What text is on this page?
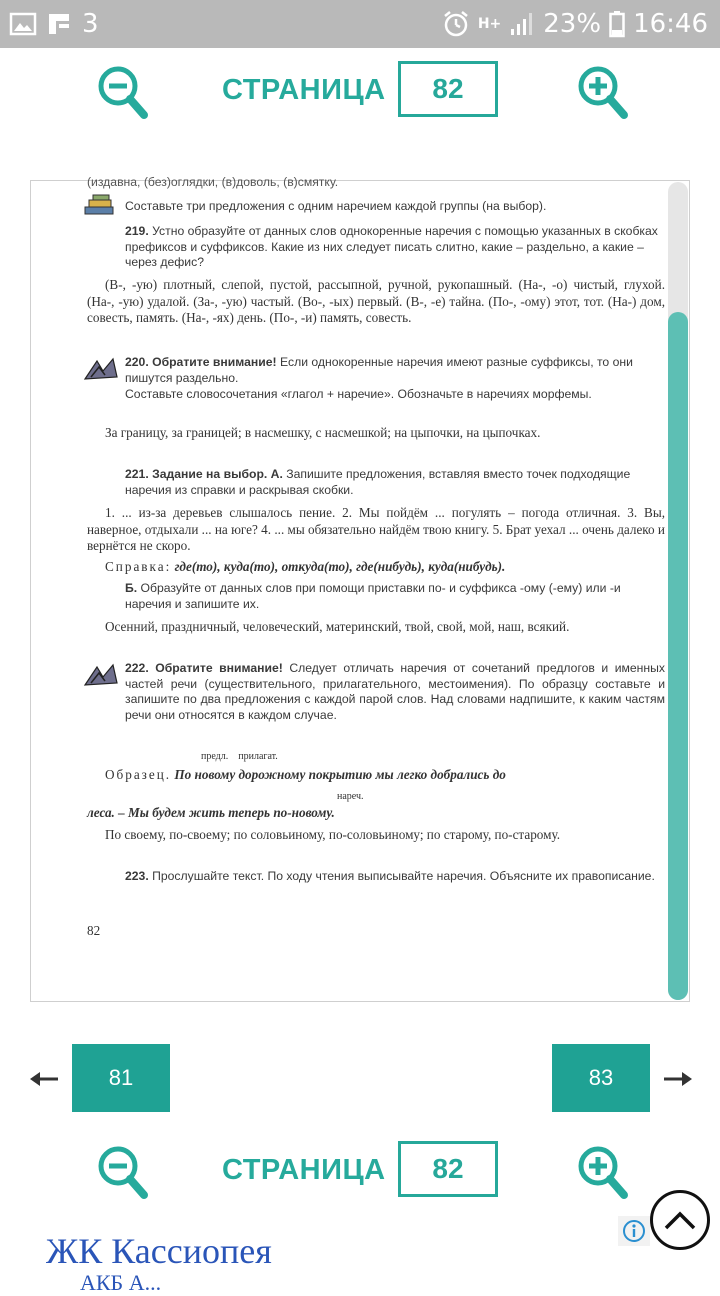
3	H+ 23% 16:46
СТРАНИЦА	82
(издавна, (без)оглядки, (в)доволь, (в)смятку.
Составьте три предложения с одним наречием каждой группы (на выбор).
219. Устно образуйте от данных слов однокоренные наречия с помощью указанных в скобках префиксов и суффиксов. Какие из них следует писать слитно, какие – раздельно, а какие – через дефис?
(В-, -ую) плотный, слепой, пустой, рассыпной, ручной, рукопашный. (На-, -о) чистый, глухой. (На-, -ую) удалой. (За-, -ую) частый. (Во-, -ых) первый. (В-, -е) тайна. (По-, -ому) этот, тот. (На-) дом, совесть, память. (На-, -ях) день. (По-, -и) память, совесть.
220. Обратите внимание! Если однокоренные наречия имеют разные суффиксы, то они пишутся раздельно.
Составьте словосочетания «глагол + наречие». Обозначьте в наречиях морфемы.
За границу, за границей; в насмешку, с насмешкой; на цыпочки, на цыпочках.
221. Задание на выбор. А. Запишите предложения, вставляя вместо точек подходящие наречия из справки и раскрывая скобки.
1. ... из-за деревьев слышалось пение. 2. Мы пойдём ... погулять – погода отличная. 3. Вы, наверное, отдыхали ... на юге? 4. ... мы обязательно найдём твою книгу. 5. Брат уехал ... очень далеко и вернётся не скоро.
Справка: где(то), куда(то), откуда(то), где(нибудь), куда(нибудь).
Б. Образуйте от данных слов при помощи приставки по- и суффикса -ому (-ему) или -и наречия и запишите их.
Осенний, праздничный, человеческий, материнский, твой, свой, мой, наш, всякий.
222. Обратите внимание! Следует отличать наречия от сочетаний предлогов и именных частей речи (существительного, прилагательного, местоимения). По образцу составьте и запишите по два предложения с каждой парой слов. Над словами надпишите, к каким частям речи они относятся в каждом случае.
предл. прилагат.
Образец. По новому дорожному покрытию мы легко добрались до
нареч.
леса. – Мы будем жить теперь по-новому.
По своему, по-своему; по соловьиному, по-соловьиному; по старому, по-старому.
223. Прослушайте текст. По ходу чтения выписывайте наречия. Объясните их правописание.
82
81	83
СТРАНИЦА	82
ЖК Кассиопея
АКБ А...
